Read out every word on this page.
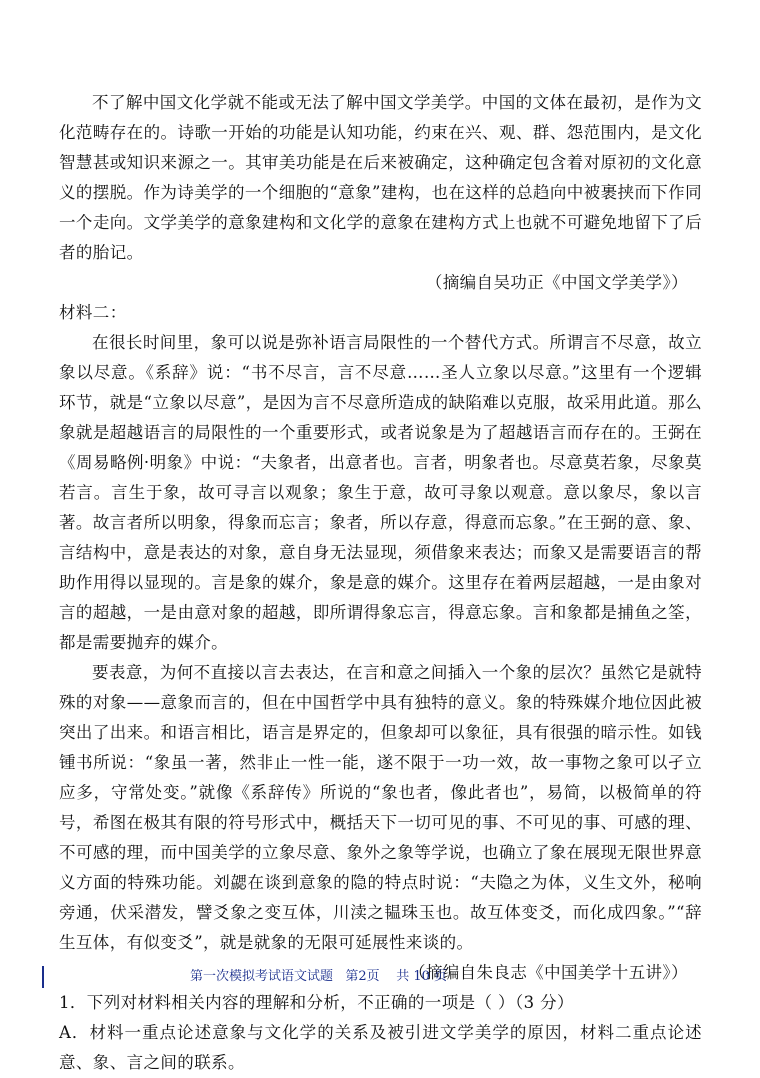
不了解中国文化学就不能或无法了解中国文学美学。中国的文体在最初，是作为文化范畴存在的。诗歌一开始的功能是认知功能，约束在兴、观、群、怨范围内，是文化智慧甚或知识来源之一。其审美功能是在后来被确定，这种确定包含着对原初的文化意义的摆脱。作为诗美学的一个细胞的“意象”建构，也在这样的总趋向中被裹挟而下作同一个走向。文学美学的意象建构和文化学的意象在建构方式上也就不可避免地留下了后者的胎记。

（摘编自吴功正《中国文学美学》）

材料二：

在很长时间里，象可以说是弥补语言局限性的一个替代方式。所谓言不尽意，故立象以尽意。《系辞》说：“书不尽言，言不尽意……圣人立象以尽意。”这里有一个逻辑环节，就是“立象以尽意”，是因为言不尽意所造成的缺陷难以克服，故采用此道。那么象就是超越语言的局限性的一个重要形式，或者说象是为了超越语言而存在的。王弼在《周易略例·明象》中说：“夫象者，出意者也。言者，明象者也。尽意莫若象，尽象莫若言。言生于象，故可寻言以观象；象生于意，故可寻象以观意。意以象尽，象以言著。故言者所以明象，得象而忘言；象者，所以存意，得意而忘象。”在王弼的意、象、言结构中，意是表达的对象，意自身无法显现，须借象来表达；而象又是需要语言的帮助作用得以显现的。言是象的媒介，象是意的媒介。这里存在着两层超越，一是由象对言的超越，一是由意对象的超越，即所谓得象忘言，得意忘象。言和象都是捕鱼之筌，都是需要抛弃的媒介。

要表意，为何不直接以言去表达，在言和意之间插入一个象的层次？虽然它是就特殊的对象——意象而言的，但在中国哲学中具有独特的意义。象的特殊媒介地位因此被突出了出来。和语言相比，语言是界定的，但象却可以象征，具有很强的暗示性。如钱锺书所说：“象虽一著，然非止一性一能，遂不限于一功一效，故一事物之象可以孑立应多，守常处变。”就像《系辞传》所说的“象也者，像此者也”，易简，以极简单的符号，希图在极其有限的符号形式中，概括天下一切可见的事、不可见的事、可感的理、不可感的理，而中国美学的立象尽意、象外之象等学说，也确立了象在展现无限世界意义方面的特殊功能。刘勰在谈到意象的隐的特点时说：“夫隐之为体，义生文外，秘响旁通，伏采潜发，譬爻象之变互体，川渎之韫珠玉也。故互体变爻，而化成四象。”“辞生互体，有似变爻”，就是就象的无限可延展性来谈的。

（摘编自朱良志《中国美学十五讲》）

1．下列对材料相关内容的理解和分析，不正确的一项是（ ）（3 分）

A．材料一重点论述意象与文化学的关系及被引进文学美学的原因，材料二重点论述意、象、言之间的联系。

第一次模拟考试语文试题   第2页    共 10 页
